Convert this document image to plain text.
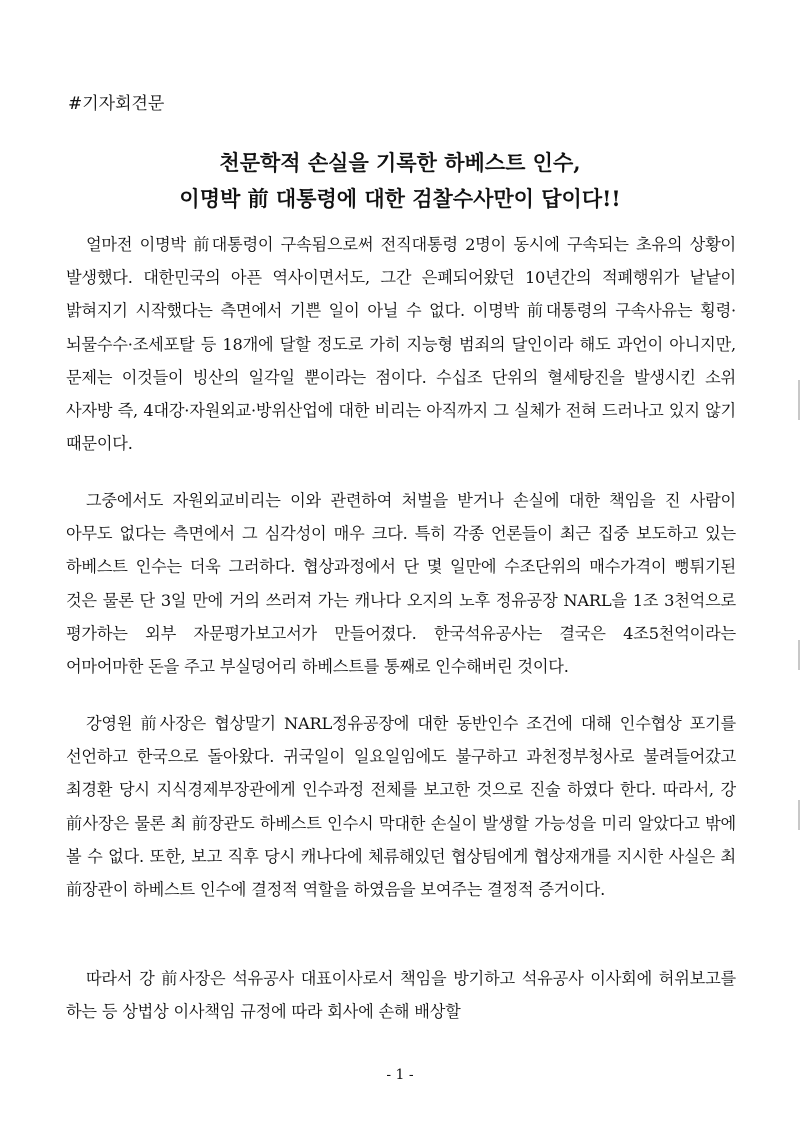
#기자회견문
천문학적 손실을 기록한 하베스트 인수,
이명박 前 대통령에 대한 검찰수사만이 답이다!!
얼마전 이명박 前대통령이 구속됨으로써 전직대통령 2명이 동시에 구속되는 초유의 상황이 발생했다. 대한민국의 아픈 역사이면서도, 그간 은폐되어왔던 10년간의 적폐행위가 낱낱이 밝혀지기 시작했다는 측면에서 기쁜 일이 아닐 수 없다. 이명박 前대통령의 구속사유는 횡령·뇌물수수·조세포탈 등 18개에 달할 정도로 가히 지능형 범죄의 달인이라 해도 과언이 아니지만, 문제는 이것들이 빙산의 일각일 뿐이라는 점이다. 수십조 단위의 혈세탕진을 발생시킨 소위 사자방 즉, 4대강·자원외교·방위산업에 대한 비리는 아직까지 그 실체가 전혀 드러나고 있지 않기 때문이다.
그중에서도 자원외교비리는 이와 관련하여 처벌을 받거나 손실에 대한 책임을 진 사람이 아무도 없다는 측면에서 그 심각성이 매우 크다. 특히 각종 언론들이 최근 집중 보도하고 있는 하베스트 인수는 더욱 그러하다. 협상과정에서 단 몇 일만에 수조단위의 매수가격이 뻥튀기된 것은 물론 단 3일 만에 거의 쓰러져 가는 캐나다 오지의 노후 정유공장 NARL을 1조 3천억으로 평가하는 외부 자문평가보고서가 만들어졌다. 한국석유공사는 결국은 4조5천억이라는 어마어마한 돈을 주고 부실덩어리 하베스트를 통째로 인수해버린 것이다.
강영원 前사장은 협상말기 NARL정유공장에 대한 동반인수 조건에 대해 인수협상 포기를 선언하고 한국으로 돌아왔다. 귀국일이 일요일임에도 불구하고 과천정부청사로 불려들어갔고 최경환 당시 지식경제부장관에게 인수과정 전체를 보고한 것으로 진술 하였다 한다. 따라서, 강 前사장은 물론 최 前장관도 하베스트 인수시 막대한 손실이 발생할 가능성을 미리 알았다고 밖에 볼 수 없다. 또한, 보고 직후 당시 캐나다에 체류해있던 협상팀에게 협상재개를 지시한 사실은 최 前장관이 하베스트 인수에 결정적 역할을 하였음을 보여주는 결정적 증거이다.
따라서 강 前사장은 석유공사 대표이사로서 책임을 방기하고 석유공사 이사회에 허위보고를 하는 등 상법상 이사책임 규정에 따라 회사에 손해 배상할
- 1 -
